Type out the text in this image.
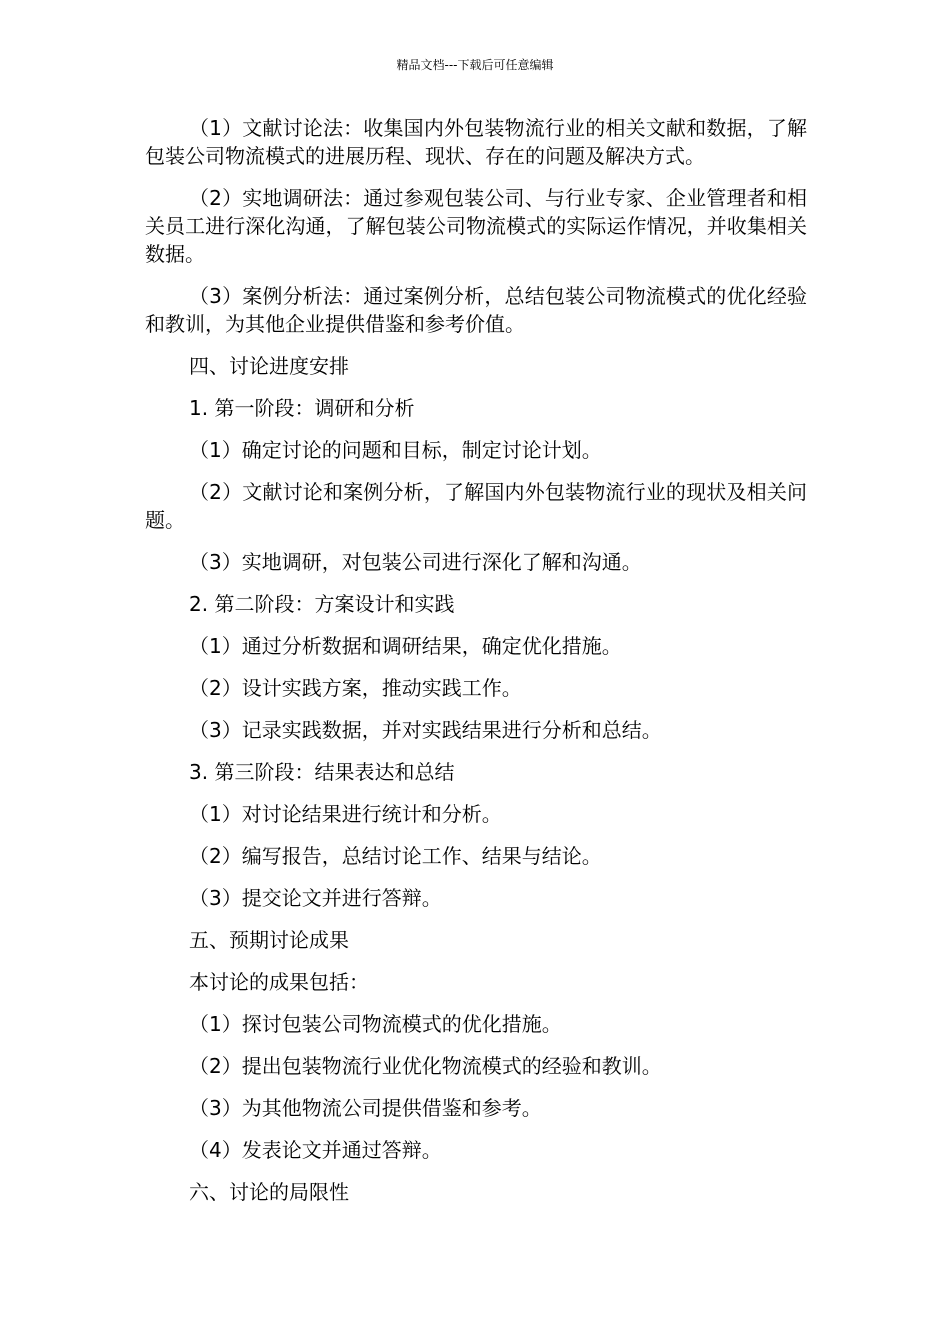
精品文档---下载后可任意编辑

（1）文献讨论法：收集国内外包装物流行业的相关文献和数据，了解包装公司物流模式的进展历程、现状、存在的问题及解决方式。

（2）实地调研法：通过参观包装公司、与行业专家、企业管理者和相关员工进行深化沟通，了解包装公司物流模式的实际运作情况，并收集相关数据。

（3）案例分析法：通过案例分析，总结包装公司物流模式的优化经验和教训，为其他企业提供借鉴和参考价值。

四、讨论进度安排

1. 第一阶段：调研和分析

（1）确定讨论的问题和目标，制定讨论计划。

（2）文献讨论和案例分析，了解国内外包装物流行业的现状及相关问题。

（3）实地调研，对包装公司进行深化了解和沟通。

2. 第二阶段：方案设计和实践

（1）通过分析数据和调研结果，确定优化措施。

（2）设计实践方案，推动实践工作。

（3）记录实践数据，并对实践结果进行分析和总结。

3. 第三阶段：结果表达和总结

（1）对讨论结果进行统计和分析。

（2）编写报告，总结讨论工作、结果与结论。

（3）提交论文并进行答辩。

五、预期讨论成果

本讨论的成果包括：

（1）探讨包装公司物流模式的优化措施。

（2）提出包装物流行业优化物流模式的经验和教训。

（3）为其他物流公司提供借鉴和参考。

（4）发表论文并通过答辩。

六、讨论的局限性
